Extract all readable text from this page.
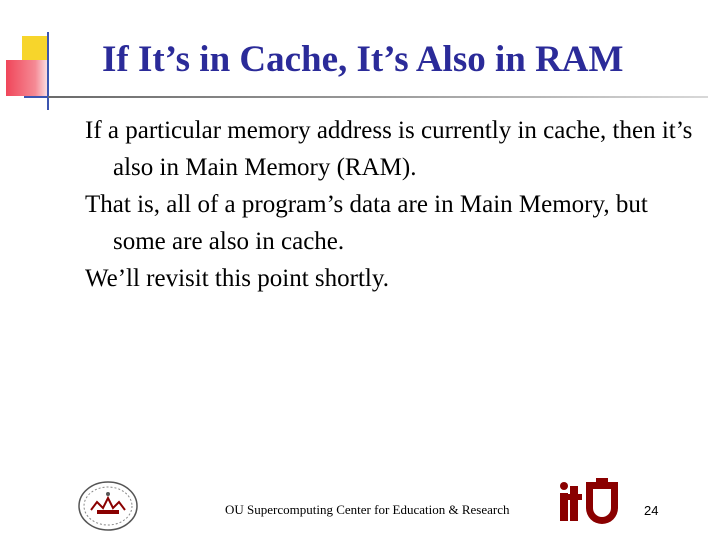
If It’s in Cache, It’s Also in RAM

If a particular memory address is currently in cache, then it’s also in Main Memory (RAM).

That is, all of a program’s data are in Main Memory, but some are also in cache.

We’ll revisit this point shortly.

OU Supercomputing Center for Education & Research	24
